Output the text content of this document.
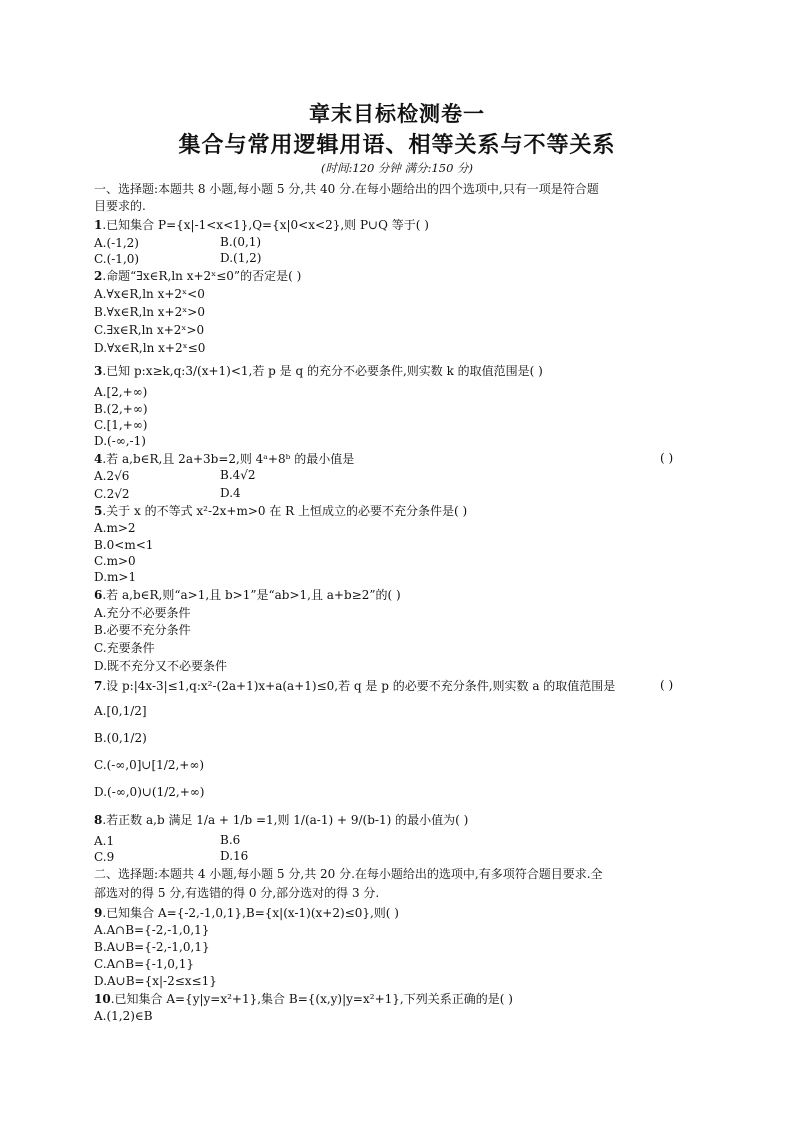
章末目标检测卷一
集合与常用逻辑用语、相等关系与不等关系
(时间:120 分钟 满分:150 分)
一、选择题:本题共 8 小题,每小题 5 分,共 40 分.在每小题给出的四个选项中,只有一项是符合题
目要求的.
1.已知集合 P={x|-1<x<1},Q={x|0<x<2},则 P∪Q 等于( )
A.(-1,2)	B.(0,1)
C.(-1,0)	D.(1,2)
2.命题“∃x∈R,ln x+2ˣ≤0”的否定是( )
A.∀x∈R,ln x+2ˣ<0
B.∀x∈R,ln x+2ˣ>0
C.∃x∈R,ln x+2ˣ>0
D.∀x∈R,ln x+2ˣ≤0
3.已知 p:x≥k,q:3/(x+1)<1,若 p 是 q 的充分不必要条件,则实数 k 的取值范围是( )
A.[2,+∞)
B.(2,+∞)
C.[1,+∞)
D.(-∞,-1)
4.若 a,b∈R,且 2a+3b=2,则 4ᵃ+8ᵇ 的最小值是	( )
A.2√6	B.4√2
C.2√2	D.4
5.关于 x 的不等式 x²-2x+m>0 在 R 上恒成立的必要不充分条件是( )
A.m>2
B.0<m<1
C.m>0
D.m>1
6.若 a,b∈R,则“a>1,且 b>1”是“ab>1,且 a+b≥2”的( )
A.充分不必要条件
B.必要不充分条件
C.充要条件
D.既不充分又不必要条件
7.设 p:|4x-3|≤1,q:x²-(2a+1)x+a(a+1)≤0,若 q 是 p 的必要不充分条件,则实数 a 的取值范围是	( )
A.[0,1/2]
B.(0,1/2)
C.(-∞,0]∪[1/2,+∞)
D.(-∞,0)∪(1/2,+∞)
8.若正数 a,b 满足 1/a + 1/b =1,则 1/(a-1) + 9/(b-1) 的最小值为( )
A.1	B.6
C.9	D.16
二、选择题:本题共 4 小题,每小题 5 分,共 20 分.在每小题给出的选项中,有多项符合题目要求.全
部选对的得 5 分,有选错的得 0 分,部分选对的得 3 分.
9.已知集合 A={-2,-1,0,1},B={x|(x-1)(x+2)≤0},则( )
A.A∩B={-2,-1,0,1}
B.A∪B={-2,-1,0,1}
C.A∩B={-1,0,1}
D.A∪B={x|-2≤x≤1}
10.已知集合 A={y|y=x²+1},集合 B={(x,y)|y=x²+1},下列关系正确的是( )
A.(1,2)∈B
